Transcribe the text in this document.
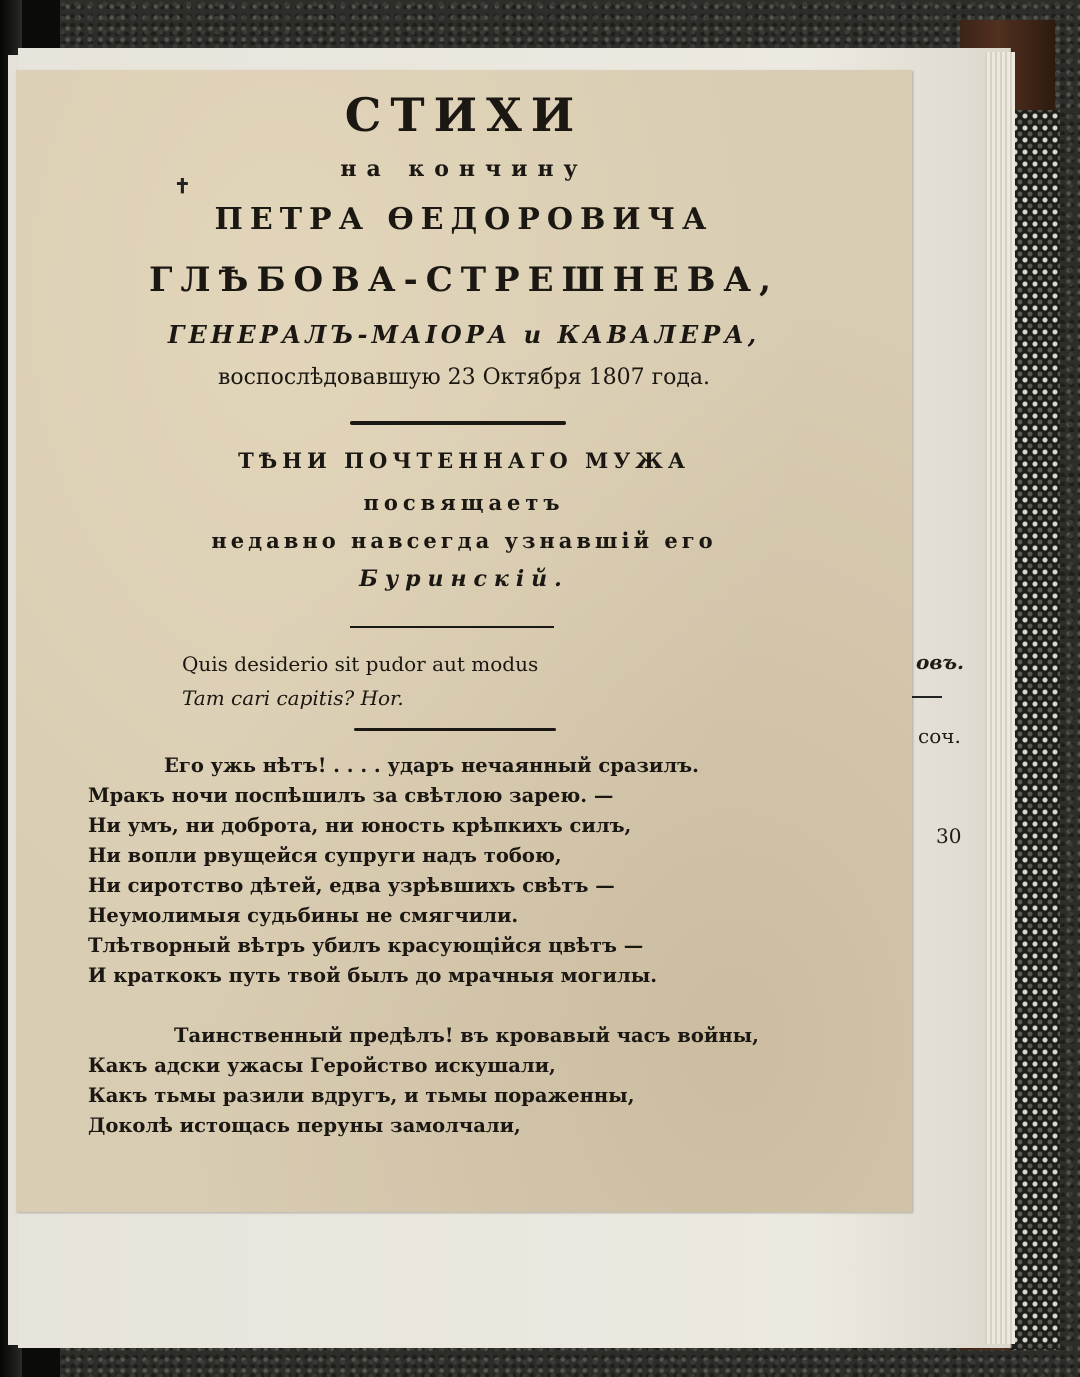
овъ.
соч.
30
✝
СТИХИ
на кончину
ПЕТРА ӨЕДОРОВИЧА
ГЛѢБОВА-СТРЕШНЕВА,
ГЕНЕРАЛЪ-МАІОРА и КАВАЛЕРА,
воспослѣдовавшую 23 Октября 1807 года.
ТѢНИ ПОЧТЕННАГО МУЖА
посвящаетъ
недавно навсегда узнавшій его
Буринскій.
Quis desiderio sit pudor aut modus
Tam cari capitis? Hor.
Его ужь нѣтъ! . . . . ударъ нечаянный сразилъ.
Мракъ ночи поспѣшилъ за свѣтлою зарею. —
Ни умъ, ни доброта, ни юность крѣпкихъ силъ,
Ни вопли рвущейся супруги надъ тобою,
Ни сиротство дѣтей, едва узрѣвшихъ свѣтъ —
Неумолимыя судьбины не смягчили.
Тлѣтворный вѣтръ убилъ красующійся цвѣтъ —
И краткокъ путь твой былъ до мрачныя могилы.
Таинственный предѣлъ! въ кровавый часъ войны,
Какъ адски ужасы Геройство искушали,
Какъ тьмы разили вдругъ, и тьмы пораженны,
Доколѣ истощась перуны замолчали,
